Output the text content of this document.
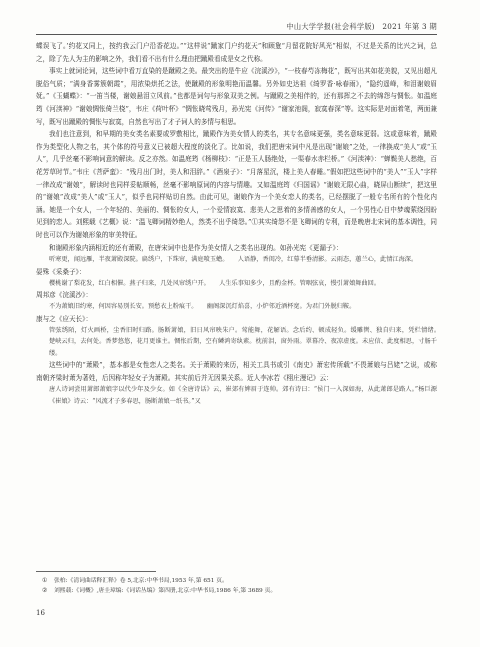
中山大学学报(社会科学版)　2021 年第 3 期

蝶误飞了。’约花又同上，按约我云门户沿香花边。”“这样说“蹴家门户约花天”和顾夐“月留花院好风光”相似，不过是关系的比兴之词，总之，除了先人为主的影响之外，我们看不出有什么理由把蹴殿看成是女之代称。

事实上就词论词，这些词中看万直染的是蹴殿之美。最突出的是牛应《浣溪沙》，“一枝春芍冻梅花”，既写出其如花美貌，又见出超凡脱俗气质；“满身香雾簇朝霞”，用浓染烘托之法，使蹴殿的形象明艳而温馨。另外如史达祖《绮罗香·咏春雨》，“隐约遥峰，和泪谢娘眉妩。”《玉蝴蝶》：“一笛当楼，谢娘悬泪立风前。”也都是词句与形象双美之例。与蹴殿之美相伴的，还有那挥之不去的绵怨与惆怅。如温庭筠《河渎神》“谢娘惆怅倚兰桡”，韦庄《荷叶杯》“惆怅晓莺残月，孙光宪《河传》“谢家池阁，寂寞春深”等。这实际是对面着笔，两面兼写，既写出蹴殿的惆怅与寂寞，自然也写出了才子词人的多情与相思。

我们也注意到，和早期的美女类名素要或罗敷相比，蹴殿作为美女情人的类名，其专名意味更强，类名意味更弱。这或意味着，蹴殿作为类型化人物之名，其个体的符号意义已被超大程度的淡化了。比如说，我们把唐宋词中凡是出现“谢娘”之处，一律换成“美人”或“玉人”，几乎丝毫不影响词意的解读。反之亦然。如温庭筠《杨柳枝》：“正是玉人肠绝处，一渠春水赤栏桥。”《河渎神》：“蝉鬓美人愁绝，百花芳草时节。”韦庄《菩萨蛮》：“残月出门时，美人和泪辞。”《酒泉子》：“月落星沉，楼上美人春睡。”假如把这些词中的“美人”“玉人”字样一律改成“谢娘”，解读时也同样妥帖顺畅，丝毫不影响原词的内容与情趣。又如温庭筠《归国谣》“谢娘无限心曲，晓屏山断续”，把这里的“谢娘”改成“美人”或“玉人”，似乎也同样贴切自然。由此可见，谢娘作为一个美女恋人的类名，已经摆脱了一般专名所有的个性化内涵。她是一个女人，一个年轻的、美丽的、惆怅的女人，一个爱情寂寞、悲美人之思着的多情善感的女人，一个男性心目中梦魂萦绕因盼见到的恋人。刘熙载《艺概》说：“温飞卿词精妙绝人，然类不出乎绮怨。”①其实绮怨不是飞卿词的专利，而是晚唐北宋词的基本调性，同时也可以作为谢娘形象的审美特征。

和谢殿形象内涵相近的还有萧殿，在唐宋词中也是作为美女情人之类名出现的。如孙光宪《更漏子》：

听寒更，闻远雁，半夜萧殿深院。扁绣户，下珠帘，满庭喷玉蟾。　　人语静，香闺冷，红幕半垂清影。云雨态，蕙兰心，此情江海深。

晏殊《采桑子》：

樱桃谢了梨花发，红白相催。燕子归来，几处风帘绣户开。　　人生乐事知多少，且酌金杯。管咽弦哀，慢引萧娘舞曲回。

周邦彦《浣溪沙》：

不为萧娘旧约寒，何因容易别长安。预愁衣上粉痕干。　　幽阁深沉灯焰喜，小炉邻近酒杯宽。为君门外脱归鞍。

康与之《应天长》：

管弦绣陌，灯火画桥，尘香旧时归路。肠断萧娘，旧日风帘映朱户。莺能舞，花解语。念后约、顿成轻负。缓雕辔、独自归来，凭栏情绪。　　楚峡云归，去何处。香梦悠悠，花月更谁主。惆怅后期，空有鳞鸿寄纨素。枕前泪，窗外雨。翠幕冷、夜凉虚度。未应信、此度相思，寸肠千缕。

这些词中的“萧殿”，基本都是女性恋人之类名。关于萧殿的来历，相关工具书或引《南史》萧宏传所载“不畏萧娘与吕姥”之说，或称南朝齐梁时萧为著姓，后因称年轻女子为萧殿。其实前后并无因果关系。近人李冰若《栩庄漫记》云：

唐人诗词尝用萧郎萧娘字以代少年及少女。如《全唐诗话》云，崔郊有婢眉于连帅。郊有诗曰：“侯门一入深如海，从此萧郎是路人。”杨巨源《崔娘》诗云：“风流才子多春思，肠断萧娘一纸书。”又

① 张柏:《清词曲话释汇释》卷 5,北京:中华书局,1953 年,第 651 页。

② 刘熙载:《词概》,唐圭璋编:《词话丛编》第四册,北京:中华书局,1986 年,第 3689 页。

16
